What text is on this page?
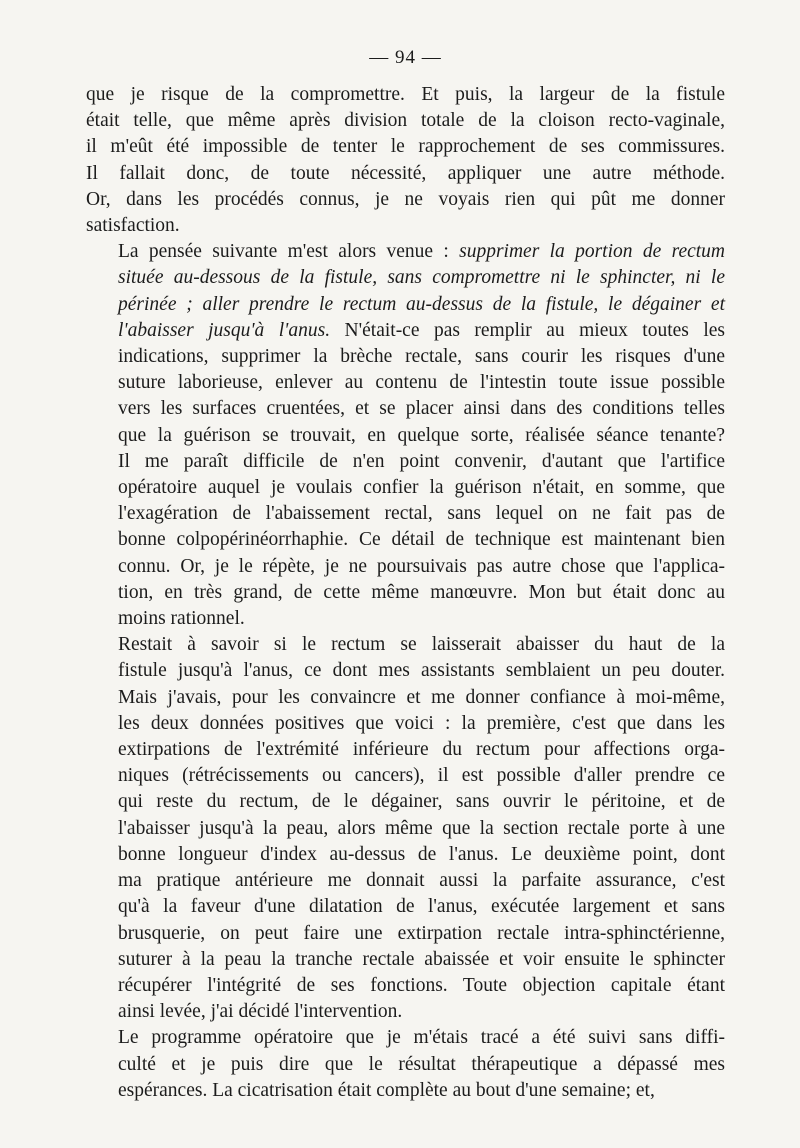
— 94 —

que je risque de la compromettre. Et puis, la largeur de la fistule
était telle, que même après division totale de la cloison recto-vaginale,
il m'eût été impossible de tenter le rapprochement de ses commissures.
Il fallait donc, de toute nécessité, appliquer une autre méthode.
Or, dans les procédés connus, je ne voyais rien qui pût me donner
satisfaction.

La pensée suivante m'est alors venue : supprimer la portion de rectum
située au-dessous de la fistule, sans compromettre ni le sphincter, ni le
périnée ; aller prendre le rectum au-dessus de la fistule, le dégainer et
l'abaisser jusqu'à l'anus. N'était-ce pas remplir au mieux toutes les
indications, supprimer la brèche rectale, sans courir les risques d'une
suture laborieuse, enlever au contenu de l'intestin toute issue possible
vers les surfaces cruentées, et se placer ainsi dans des conditions telles
que la guérison se trouvait, en quelque sorte, réalisée séance tenante?
Il me paraît difficile de n'en point convenir, d'autant que l'artifice
opératoire auquel je voulais confier la guérison n'était, en somme, que
l'exagération de l'abaissement rectal, sans lequel on ne fait pas de
bonne colpopérinéorrhaphie. Ce détail de technique est maintenant bien
connu. Or, je le répète, je ne poursuivais pas autre chose que l'applica-
tion, en très grand, de cette même manœuvre. Mon but était donc au
moins rationnel.

Restait à savoir si le rectum se laisserait abaisser du haut de la
fistule jusqu'à l'anus, ce dont mes assistants semblaient un peu douter.
Mais j'avais, pour les convaincre et me donner confiance à moi-même,
les deux données positives que voici : la première, c'est que dans les
extirpations de l'extrémité inférieure du rectum pour affections orga-
niques (rétrécissements ou cancers), il est possible d'aller prendre ce
qui reste du rectum, de le dégainer, sans ouvrir le péritoine, et de
l'abaisser jusqu'à la peau, alors même que la section rectale porte à une
bonne longueur d'index au-dessus de l'anus. Le deuxième point, dont
ma pratique antérieure me donnait aussi la parfaite assurance, c'est
qu'à la faveur d'une dilatation de l'anus, exécutée largement et sans
brusquerie, on peut faire une extirpation rectale intra-sphinctérienne,
suturer à la peau la tranche rectale abaissée et voir ensuite le sphincter
récupérer l'intégrité de ses fonctions. Toute objection capitale étant
ainsi levée, j'ai décidé l'intervention.

Le programme opératoire que je m'étais tracé a été suivi sans diffi-
culté et je puis dire que le résultat thérapeutique a dépassé mes
espérances. La cicatrisation était complète au bout d'une semaine; et,
